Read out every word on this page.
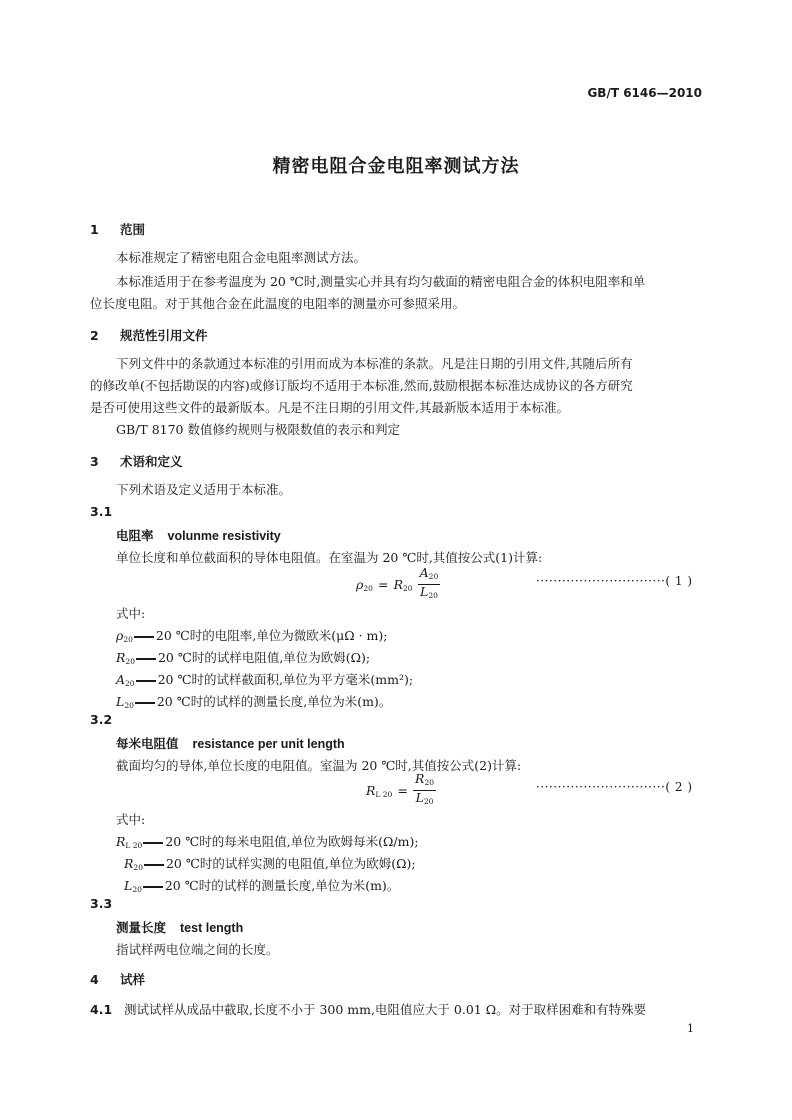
GB/T 6146—2010
精密电阻合金电阻率测试方法
1 范围
本标准规定了精密电阻合金电阻率测试方法。
本标准适用于在参考温度为 20 ℃时,测量实心并具有均匀截面的精密电阻合金的体积电阻率和单
位长度电阻。对于其他合金在此温度的电阻率的测量亦可参照采用。
2 规范性引用文件
下列文件中的条款通过本标准的引用而成为本标准的条款。凡是注日期的引用文件,其随后所有
的修改单(不包括勘误的内容)或修订版均不适用于本标准,然而,鼓励根据本标准达成协议的各方研究
是否可使用这些文件的最新版本。凡是不注日期的引用文件,其最新版本适用于本标准。
GB/T 8170 数值修约规则与极限数值的表示和判定
3 术语和定义
下列术语及定义适用于本标准。
3.1
电阻率 volunme resistivity
单位长度和单位截面积的导体电阻值。在室温为 20 ℃时,其值按公式(1)计算:
$\rho_{20} = R_{20} \frac{A_{20}}{L_{20}}$	······························( 1 )
式中:
$\rho_{20}$ 20 ℃时的电阻率,单位为微欧米(μΩ · m);
$R_{20}$ 20 ℃时的试样电阻值,单位为欧姆(Ω);
$A_{20}$ 20 ℃时的试样截面积,单位为平方毫米(mm²);
$L_{20}$ 20 ℃时的试样的测量长度,单位为米(m)。
3.2
每米电阻值 resistance per unit length
截面均匀的导体,单位长度的电阻值。室温为 20 ℃时,其值按公式(2)计算:
$R_{L 20} = \frac{R_{20}}{L_{20}}$	······························( 2 )
式中:
$R_{L 20}$ 20 ℃时的每米电阻值,单位为欧姆每米(Ω/m);
$R_{20}$ 20 ℃时的试样实测的电阻值,单位为欧姆(Ω);
$L_{20}$ 20 ℃时的试样的测量长度,单位为米(m)。
3.3
测量长度 test length
指试样两电位端之间的长度。
4 试样
4.1 测试试样从成品中截取,长度不小于 300 mm,电阻值应大于 0.01 Ω。对于取样困难和有特殊要
1
